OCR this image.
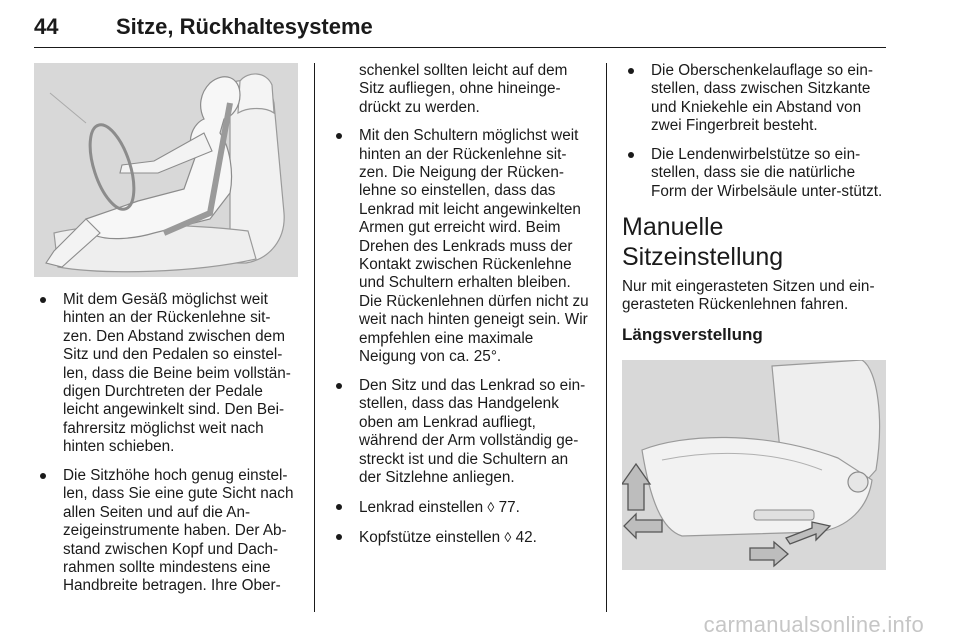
44	Sitze, Rückhaltesysteme
Mit dem Gesäß möglichst weit hinten an der Rückenlehne sit-zen. Den Abstand zwischen dem Sitz und den Pedalen so einstel-len, dass die Beine beim vollstän-digen Durchtreten der Pedale leicht angewinkelt sind. Den Bei-fahrersitz möglichst weit nach hinten schieben.
Die Sitzhöhe hoch genug einstel-len, dass Sie eine gute Sicht nach allen Seiten und auf die An-zeigeinstrumente haben. Der Ab-stand zwischen Kopf und Dach-rahmen sollte mindestens eine Handbreite betragen. Ihre Ober-
schenkel sollten leicht auf dem Sitz aufliegen, ohne hineinge-drückt zu werden.
Mit den Schultern möglichst weit hinten an der Rückenlehne sit-zen. Die Neigung der Rücken-lehne so einstellen, dass das Lenkrad mit leicht angewinkelten Armen gut erreicht wird. Beim Drehen des Lenkrads muss der Kontakt zwischen Rückenlehne und Schultern erhalten bleiben. Die Rückenlehnen dürfen nicht zu weit nach hinten geneigt sein. Wir empfehlen eine maximale Neigung von ca. 25°.
Den Sitz und das Lenkrad so ein-stellen, dass das Handgelenk oben am Lenkrad aufliegt, während der Arm vollständig ge-streckt ist und die Schultern an der Sitzlehne anliegen.
Lenkrad einstellen ◊ 77.
Kopfstütze einstellen ◊ 42.
Die Oberschenkelauflage so ein-stellen, dass zwischen Sitzkante und Kniekehle ein Abstand von zwei Fingerbreit besteht.
Die Lendenwirbelstütze so ein-stellen, dass sie die natürliche Form der Wirbelsäule unter-stützt.
Manuelle Sitzeinstellung

Nur mit eingerasteten Sitzen und ein-gerasteten Rückenlehnen fahren.

Längsverstellung
carmanualsonline.info
